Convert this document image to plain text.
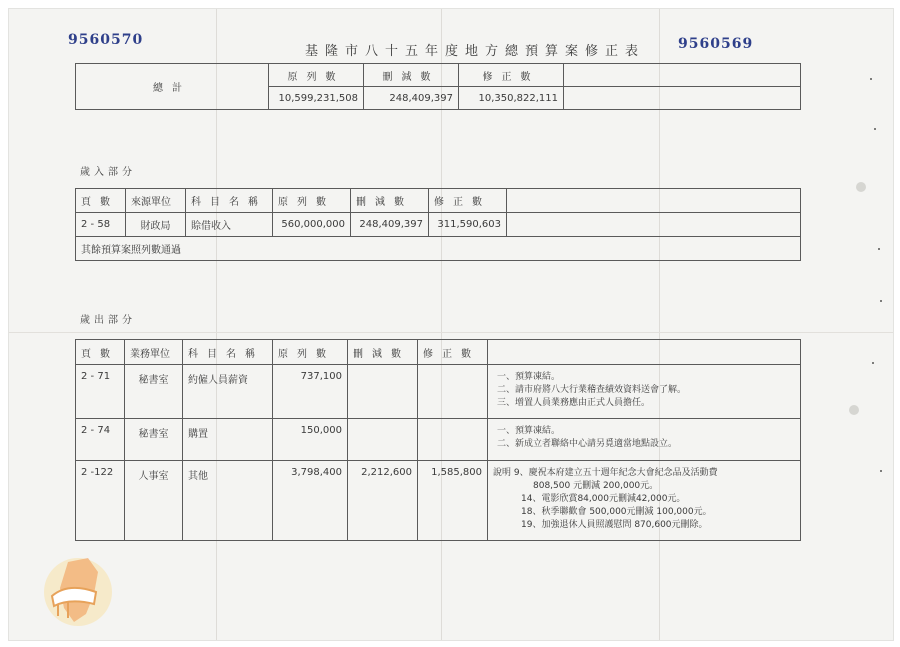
9560570	9560569
基隆市八十五年度地方總預算案修正表
總計	原列數	刪減數	修正數	
	10,599,231,508	248,409,397	10,350,822,111	
歲入部分
頁數	來源單位	科目名稱	原列數	刪減數	修正數	
2 - 58	財政局	賒借收入	560,000,000	248,409,397	311,590,603	
其餘預算案照列數通過						
歲出部分
頁數	業務單位	科目名稱	原列數	刪減數	修正數	
2 - 71	秘書室	約僱人員薪資	737,100			一、預算凍結。
二、請市府將八大行業稽查績效資料送會了解。
三、增置人員業務應由正式人員擔任。

2 - 74	秘書室	購置	150,000			一、預算凍結。
二、新成立者聯絡中心請另覓適當地點設立。

2 -122	人事室	其他	3,798,400	2,212,600	1,585,800	說明 9、慶祝本府建立五十週年紀念大會紀念品及活動費
808,500 元刪減 200,000元。
14、電影欣賞84,000元刪減42,000元。
18、秋季聯歡會 500,000元刪減 100,000元。
19、加強退休人員照護慰問 870,600元刪除。
